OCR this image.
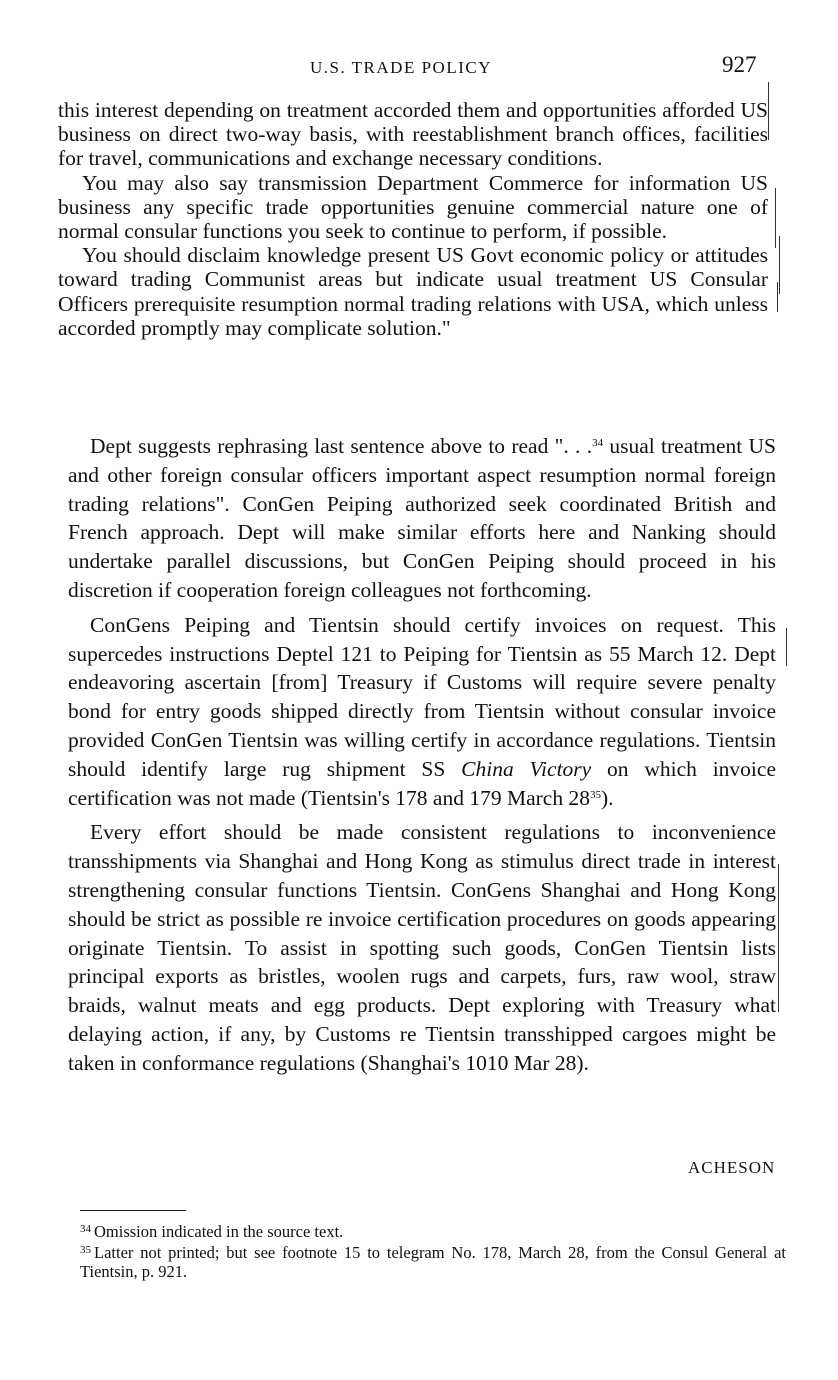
U.S. TRADE POLICY	927

this interest depending on treatment accorded them and opportunities afforded US business on direct two-way basis, with reestablishment branch offices, facilities for travel, communications and exchange necessary conditions.

You may also say transmission Department Commerce for information US business any specific trade opportunities genuine commercial nature one of normal consular functions you seek to continue to perform, if possible.

You should disclaim knowledge present US Govt economic policy or attitudes toward trading Communist areas but indicate usual treatment US Consular Officers prerequisite resumption normal trading relations with USA, which unless accorded promptly may complicate solution."

Dept suggests rephrasing last sentence above to read ". . .$^{34}$ usual treatment US and other foreign consular officers important aspect resumption normal foreign trading relations". ConGen Peiping authorized seek coordinated British and French approach. Dept will make similar efforts here and Nanking should undertake parallel discussions, but ConGen Peiping should proceed in his discretion if cooperation foreign colleagues not forthcoming.

ConGens Peiping and Tientsin should certify invoices on request. This supercedes instructions Deptel 121 to Peiping for Tientsin as 55 March 12. Dept endeavoring ascertain [from] Treasury if Customs will require severe penalty bond for entry goods shipped directly from Tientsin without consular invoice provided ConGen Tientsin was willing certify in accordance regulations. Tientsin should identify large rug shipment SS China Victory on which invoice certification was not made (Tientsin's 178 and 179 March $28^{35}$).

Every effort should be made consistent regulations to inconvenience transshipments via Shanghai and Hong Kong as stimulus direct trade in interest strengthening consular functions Tientsin. ConGens Shanghai and Hong Kong should be strict as possible re invoice certification procedures on goods appearing originate Tientsin. To assist in spotting such goods, ConGen Tientsin lists principal exports as bristles, woolen rugs and carpets, furs, raw wool, straw braids, walnut meats and egg products. Dept exploring with Treasury what delaying action, if any, by Customs re Tientsin transshipped cargoes might be taken in conformance regulations (Shanghai's 1010 Mar 28).

ACHESON

$^{34}$ Omission indicated in the source text.

$^{35}$ Latter not printed; but see footnote 15 to telegram No. 178, March 28, from the Consul General at Tientsin, p. 921.
